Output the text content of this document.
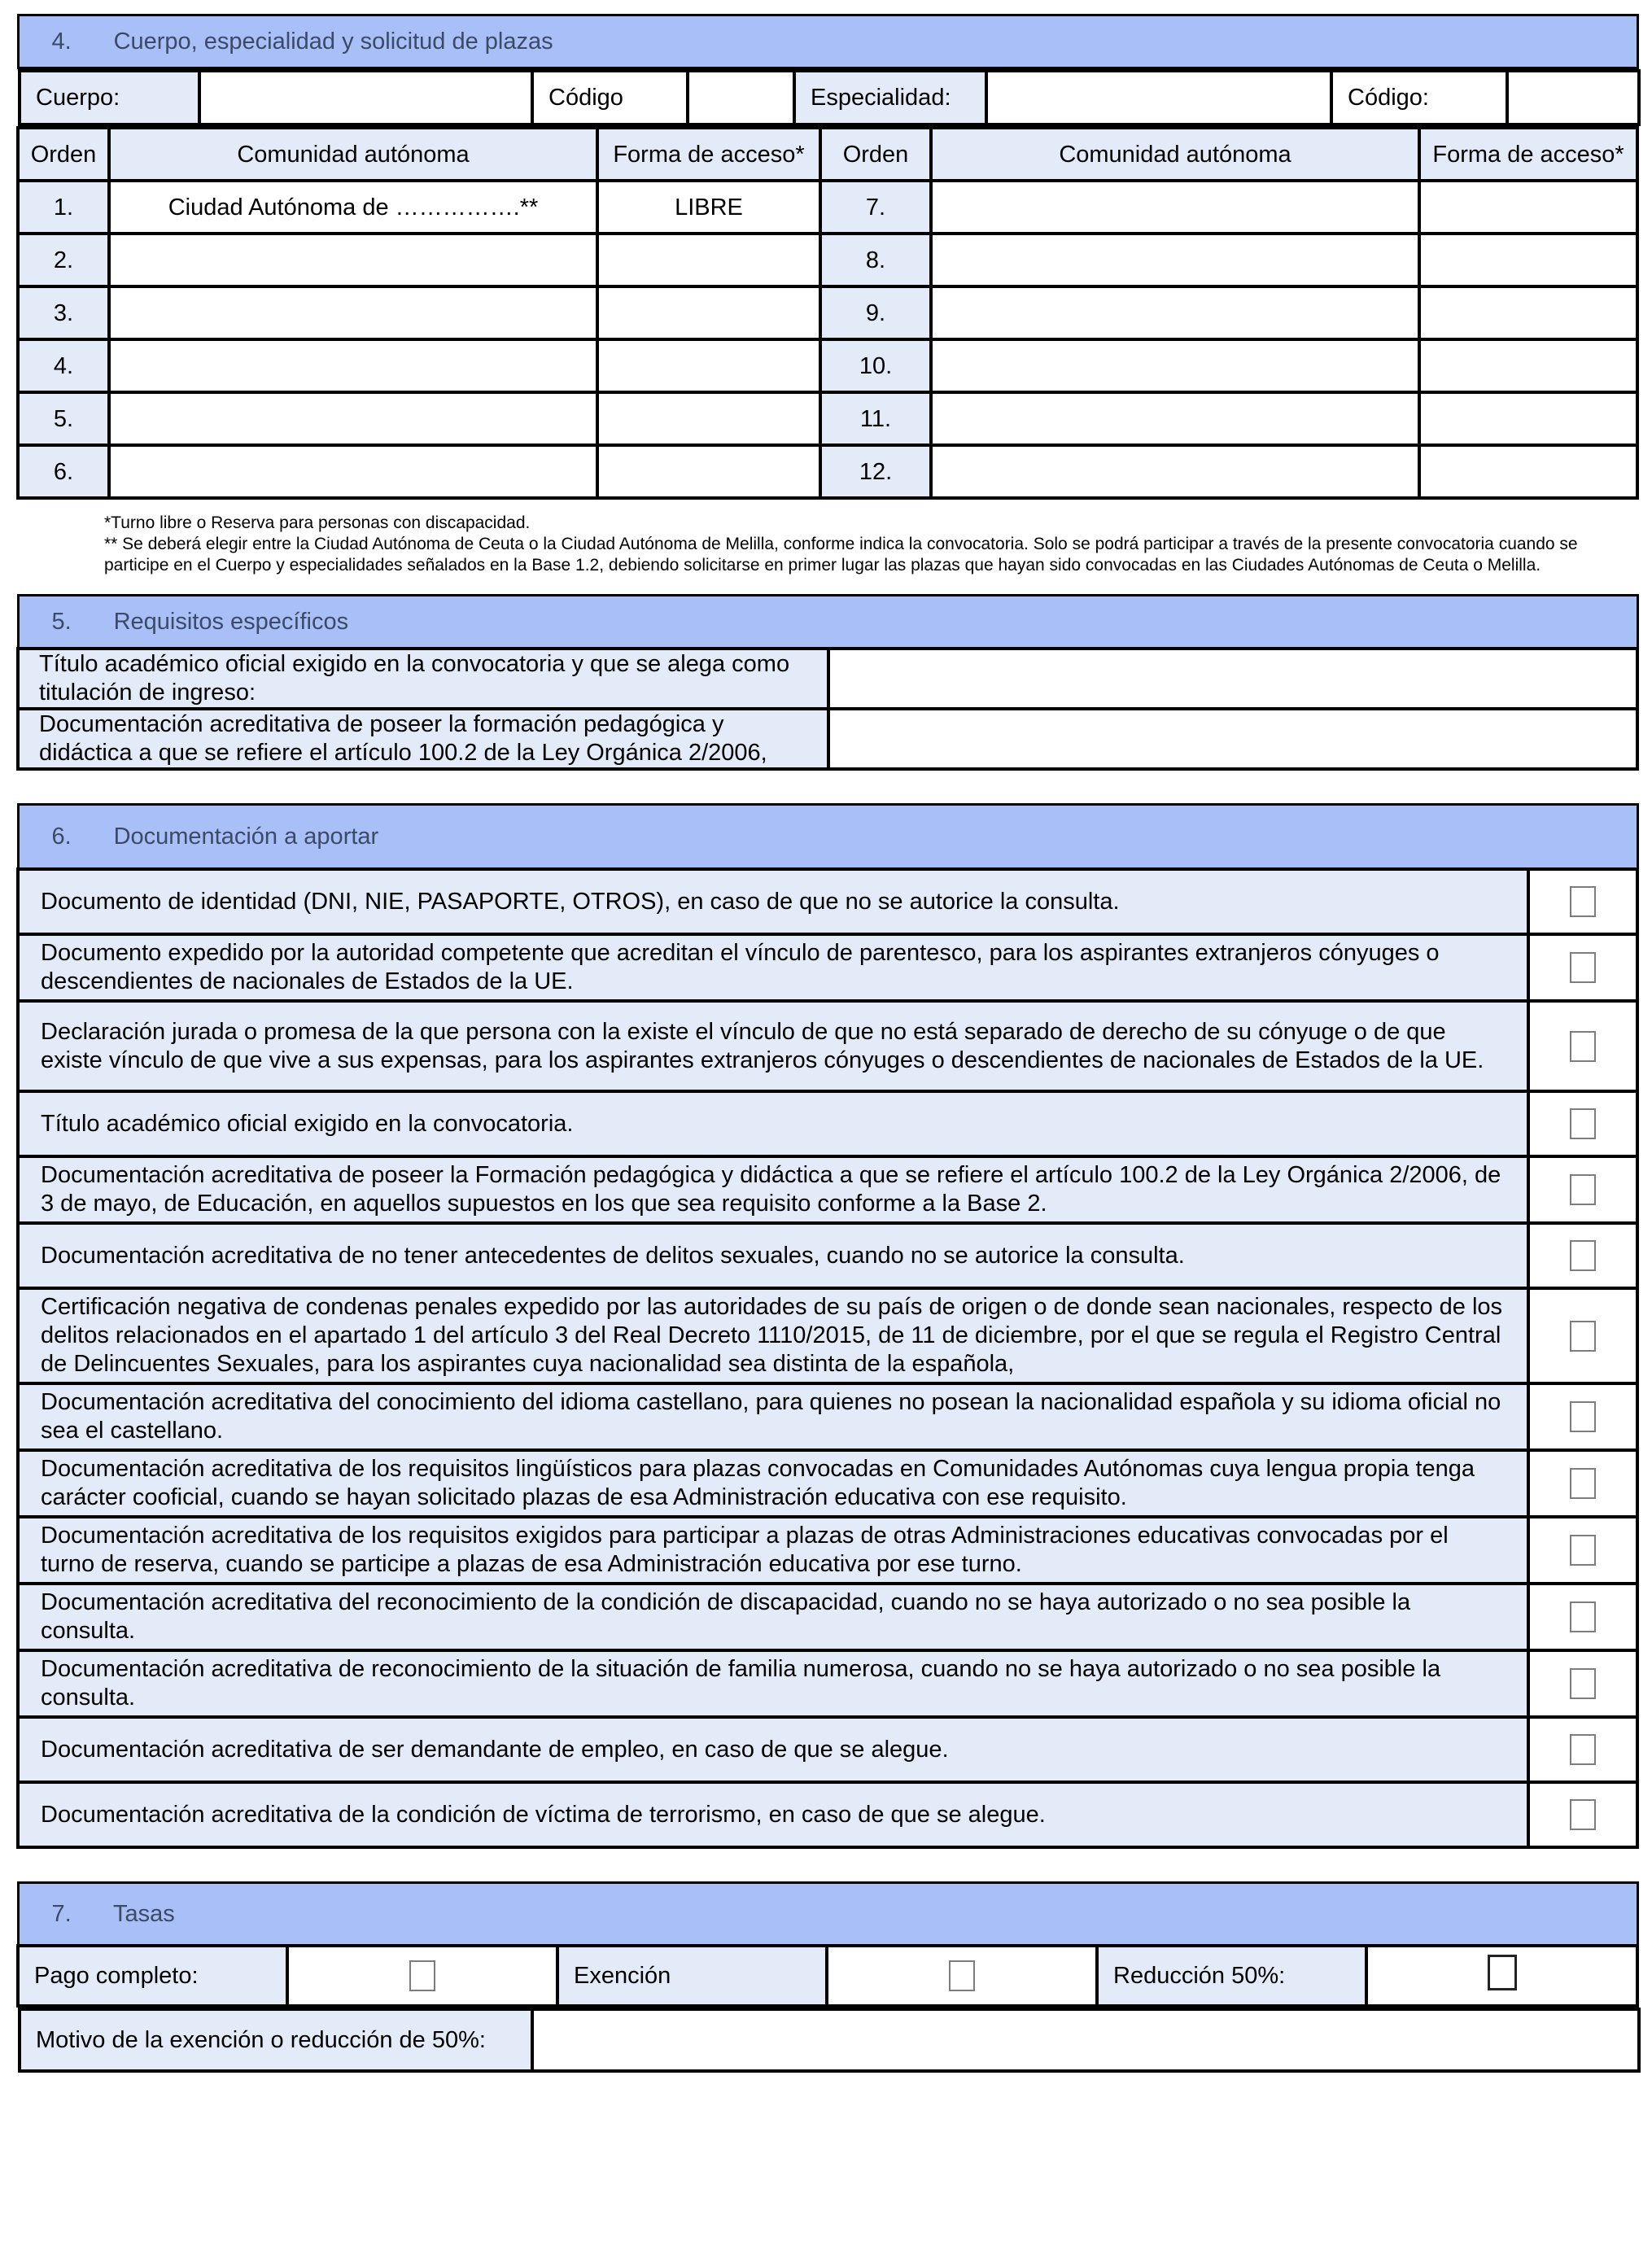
4. Cuerpo, especialidad y solicitud de plazas

Cuerpo:		Código		Especialidad:		Código:	

Orden	Comunidad autónoma	Forma de acceso*	Orden	Comunidad autónoma	Forma de acceso*
1.	Ciudad Autónoma de …………….**	LIBRE	7.		
2.			8.		
3.			9.		
4.			10.		
5.			11.		
6.			12.		
*Turno libre o Reserva para personas con discapacidad.
** Se deberá elegir entre la Ciudad Autónoma de Ceuta o la Ciudad Autónoma de Melilla, conforme indica la convocatoria. Solo se podrá participar a través de la presente convocatoria cuando se participe en el Cuerpo y especialidades señalados en la Base 1.2, debiendo solicitarse en primer lugar las plazas que hayan sido convocadas en las Ciudades Autónomas de Ceuta o Melilla.
5. Requisitos específicos	
Título académico oficial exigido en la convocatoria y que se alega como titulación de ingreso:	
Documentación acreditativa de poseer la formación pedagógica y didáctica a que se refiere el artículo 100.2 de la Ley Orgánica 2/2006,	
6. Documentación a aportar	
Documento de identidad (DNI, NIE, PASAPORTE, OTROS), en caso de que no se autorice la consulta.	
Documento expedido por la autoridad competente que acreditan el vínculo de parentesco, para los aspirantes extranjeros cónyuges o descendientes de nacionales de Estados de la UE.	
Declaración jurada o promesa de la que persona con la existe el vínculo de que no está separado de derecho de su cónyuge o de que existe vínculo de que vive a sus expensas, para los aspirantes extranjeros cónyuges o descendientes de nacionales de Estados de la UE.	
Título académico oficial exigido en la convocatoria.	
Documentación acreditativa de poseer la Formación pedagógica y didáctica a que se refiere el artículo 100.2 de la Ley Orgánica 2/2006, de 3 de mayo, de Educación, en aquellos supuestos en los que sea requisito conforme a la Base 2.	
Documentación acreditativa de no tener antecedentes de delitos sexuales, cuando no se autorice la consulta.	
Certificación negativa de condenas penales expedido por las autoridades de su país de origen o de donde sean nacionales, respecto de los delitos relacionados en el apartado 1 del artículo 3 del Real Decreto 1110/2015, de 11 de diciembre, por el que se regula el Registro Central de Delincuentes Sexuales, para los aspirantes cuya nacionalidad sea distinta de la española,	
Documentación acreditativa del conocimiento del idioma castellano, para quienes no posean la nacionalidad española y su idioma oficial no sea el castellano.	
Documentación acreditativa de los requisitos lingüísticos para plazas convocadas en Comunidades Autónomas cuya lengua propia tenga carácter cooficial, cuando se hayan solicitado plazas de esa Administración educativa con ese requisito.	
Documentación acreditativa de los requisitos exigidos para participar a plazas de otras Administraciones educativas convocadas por el turno de reserva, cuando se participe a plazas de esa Administración educativa por ese turno.	
Documentación acreditativa del reconocimiento de la condición de discapacidad, cuando no se haya autorizado o no sea posible la consulta.	
Documentación acreditativa de reconocimiento de la situación de familia numerosa, cuando no se haya autorizado o no sea posible la consulta.	
Documentación acreditativa de ser demandante de empleo, en caso de que se alegue.	
Documentación acreditativa de la condición de víctima de terrorismo, en caso de que se alegue.	
7. Tasas
Pago completo:		Exención		Reducción 50%:	

Motivo de la exención o reducción de 50%:	
